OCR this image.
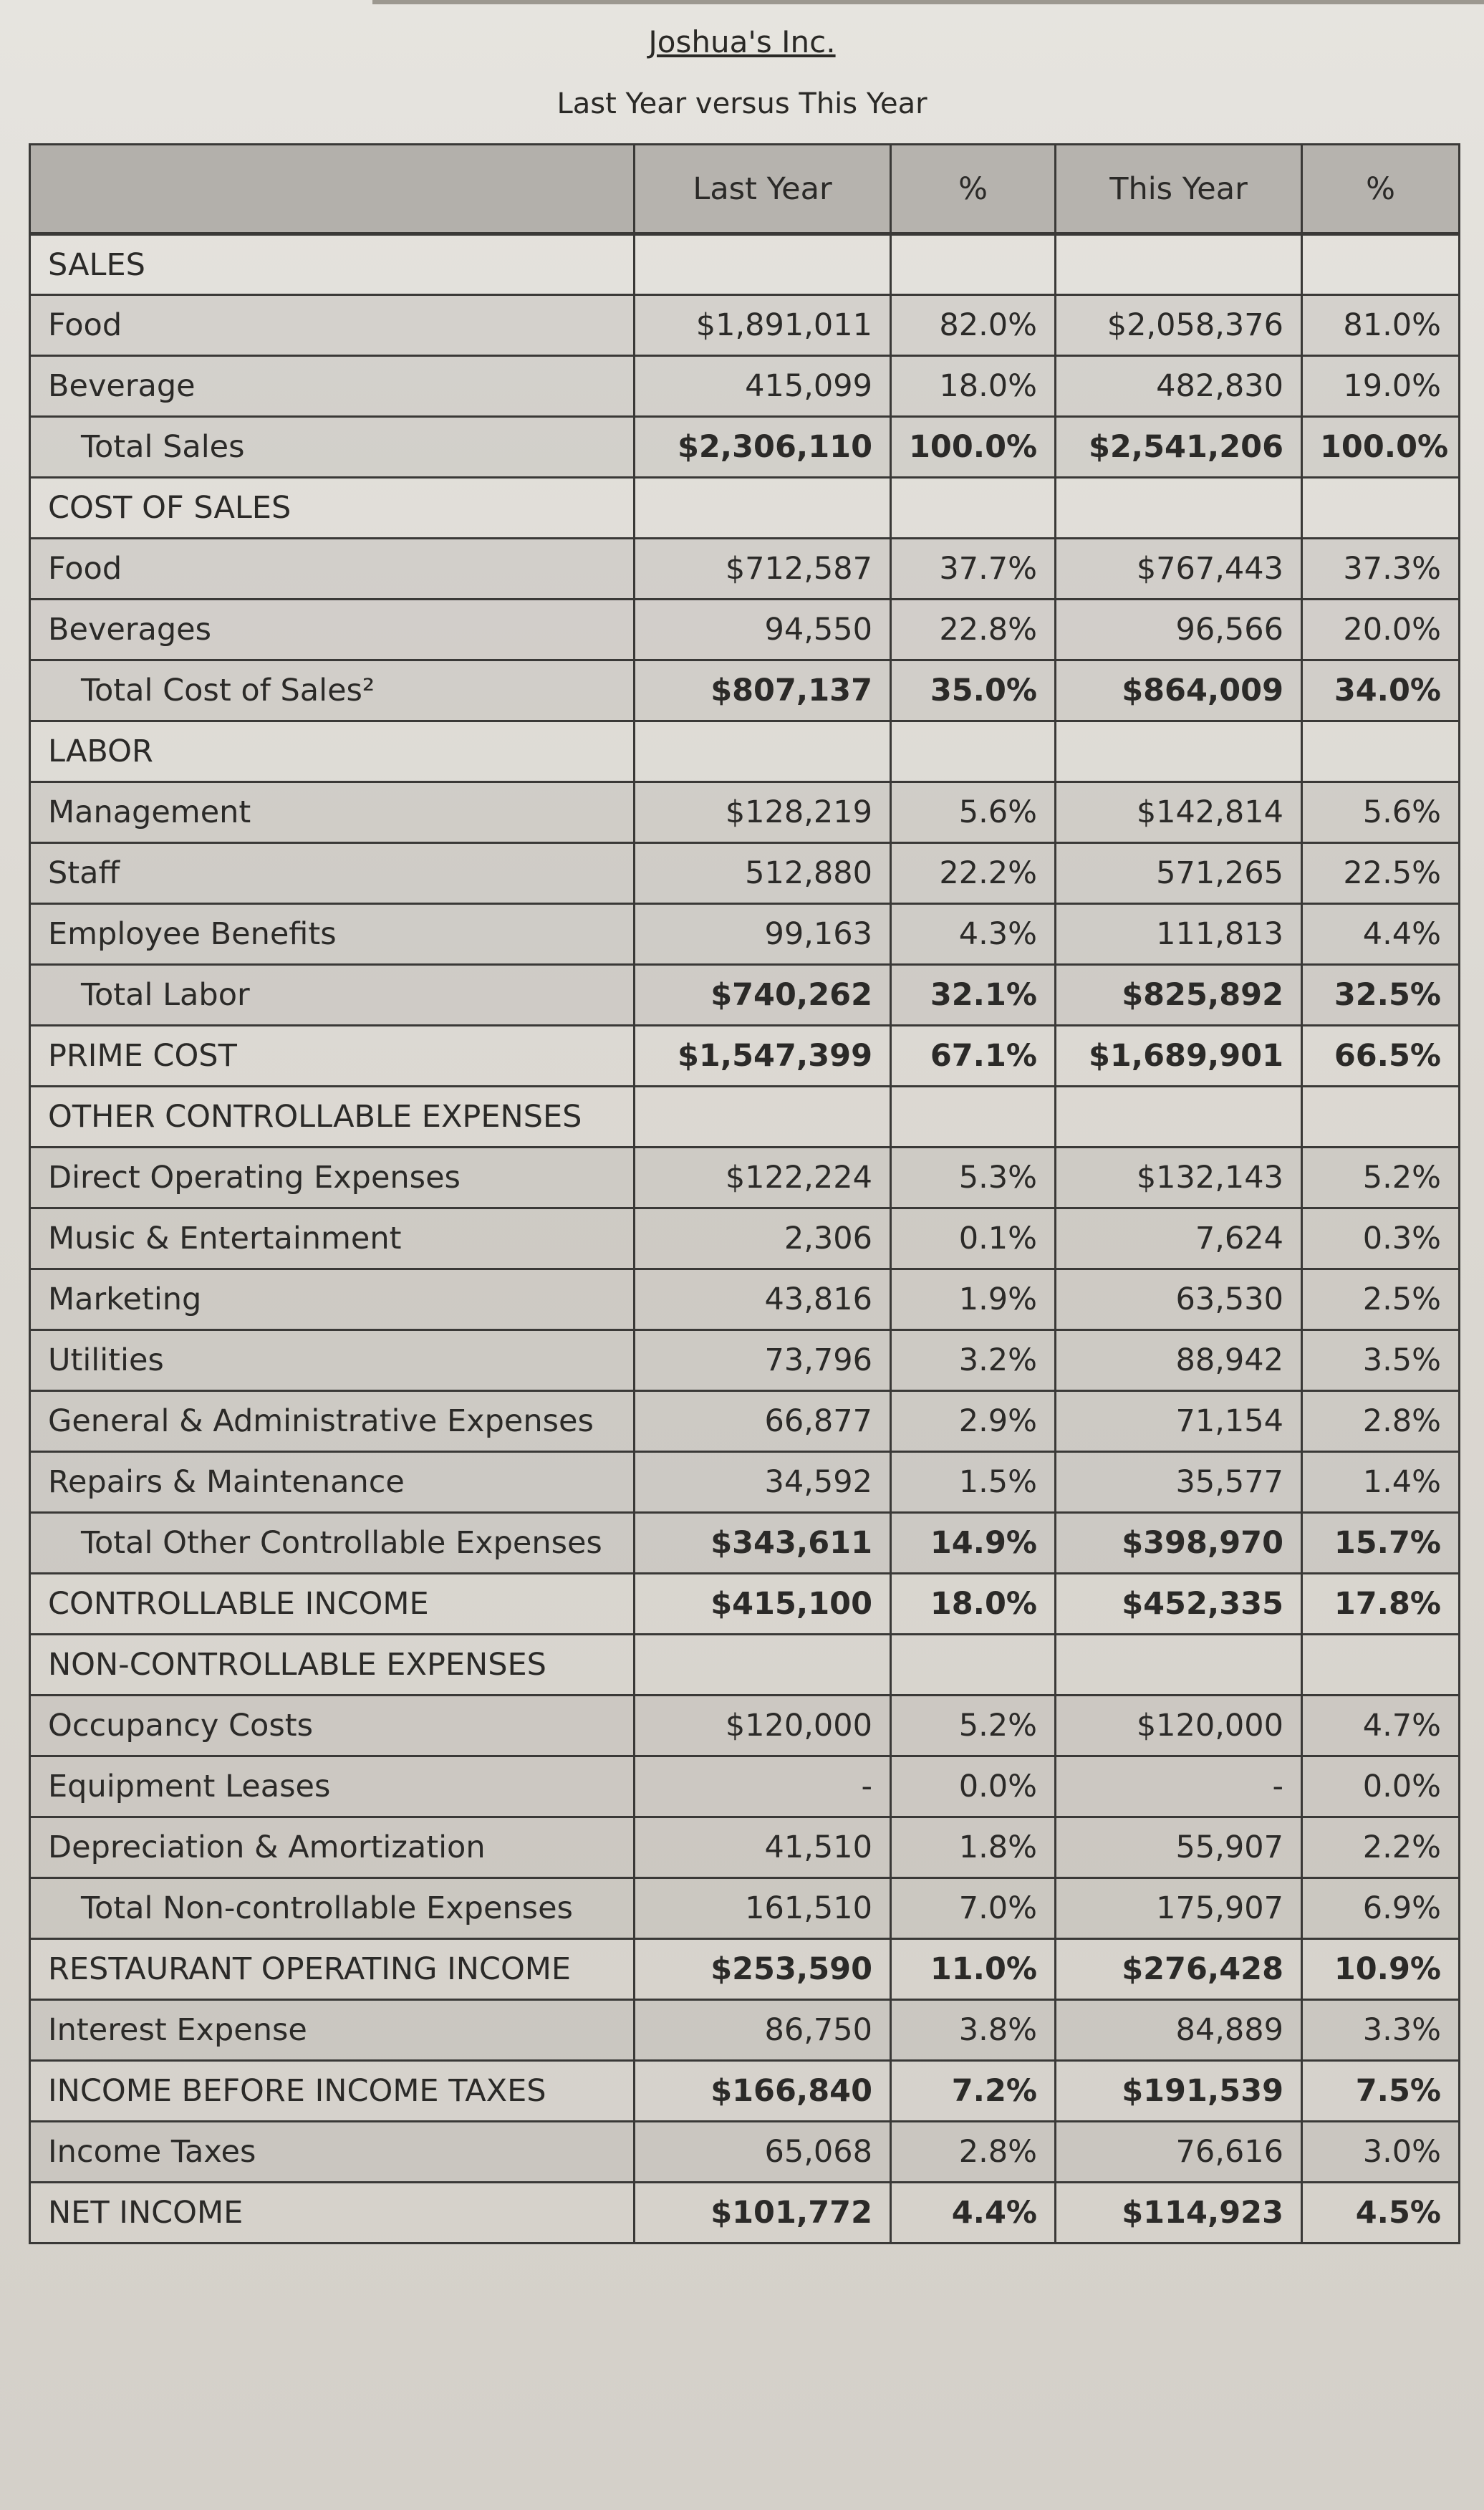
Joshua's Inc.
Last Year versus This Year
	Last Year	%	This Year	%
SALES				
Food	$1,891,011	82.0%	$2,058,376	81.0%
Beverage	415,099	18.0%	482,830	19.0%
Total Sales	$2,306,110	100.0%	$2,541,206	100.0%
COST OF SALES				
Food	$712,587	37.7%	$767,443	37.3%
Beverages	94,550	22.8%	96,566	20.0%
Total Cost of Sales²	$807,137	35.0%	$864,009	34.0%
LABOR				
Management	$128,219	5.6%	$142,814	5.6%
Staff	512,880	22.2%	571,265	22.5%
Employee Benefits	99,163	4.3%	111,813	4.4%
Total Labor	$740,262	32.1%	$825,892	32.5%
PRIME COST	$1,547,399	67.1%	$1,689,901	66.5%
OTHER CONTROLLABLE EXPENSES				
Direct Operating Expenses	$122,224	5.3%	$132,143	5.2%
Music & Entertainment	2,306	0.1%	7,624	0.3%
Marketing	43,816	1.9%	63,530	2.5%
Utilities	73,796	3.2%	88,942	3.5%
General & Administrative Expenses	66,877	2.9%	71,154	2.8%
Repairs & Maintenance	34,592	1.5%	35,577	1.4%
Total Other Controllable Expenses	$343,611	14.9%	$398,970	15.7%
CONTROLLABLE INCOME	$415,100	18.0%	$452,335	17.8%
NON-CONTROLLABLE EXPENSES				
Occupancy Costs	$120,000	5.2%	$120,000	4.7%
Equipment Leases	-	0.0%	-	0.0%
Depreciation & Amortization	41,510	1.8%	55,907	2.2%
Total Non-controllable Expenses	161,510	7.0%	175,907	6.9%
RESTAURANT OPERATING INCOME	$253,590	11.0%	$276,428	10.9%
Interest Expense	86,750	3.8%	84,889	3.3%
INCOME BEFORE INCOME TAXES	$166,840	7.2%	$191,539	7.5%
Income Taxes	65,068	2.8%	76,616	3.0%
NET INCOME	$101,772	4.4%	$114,923	4.5%
